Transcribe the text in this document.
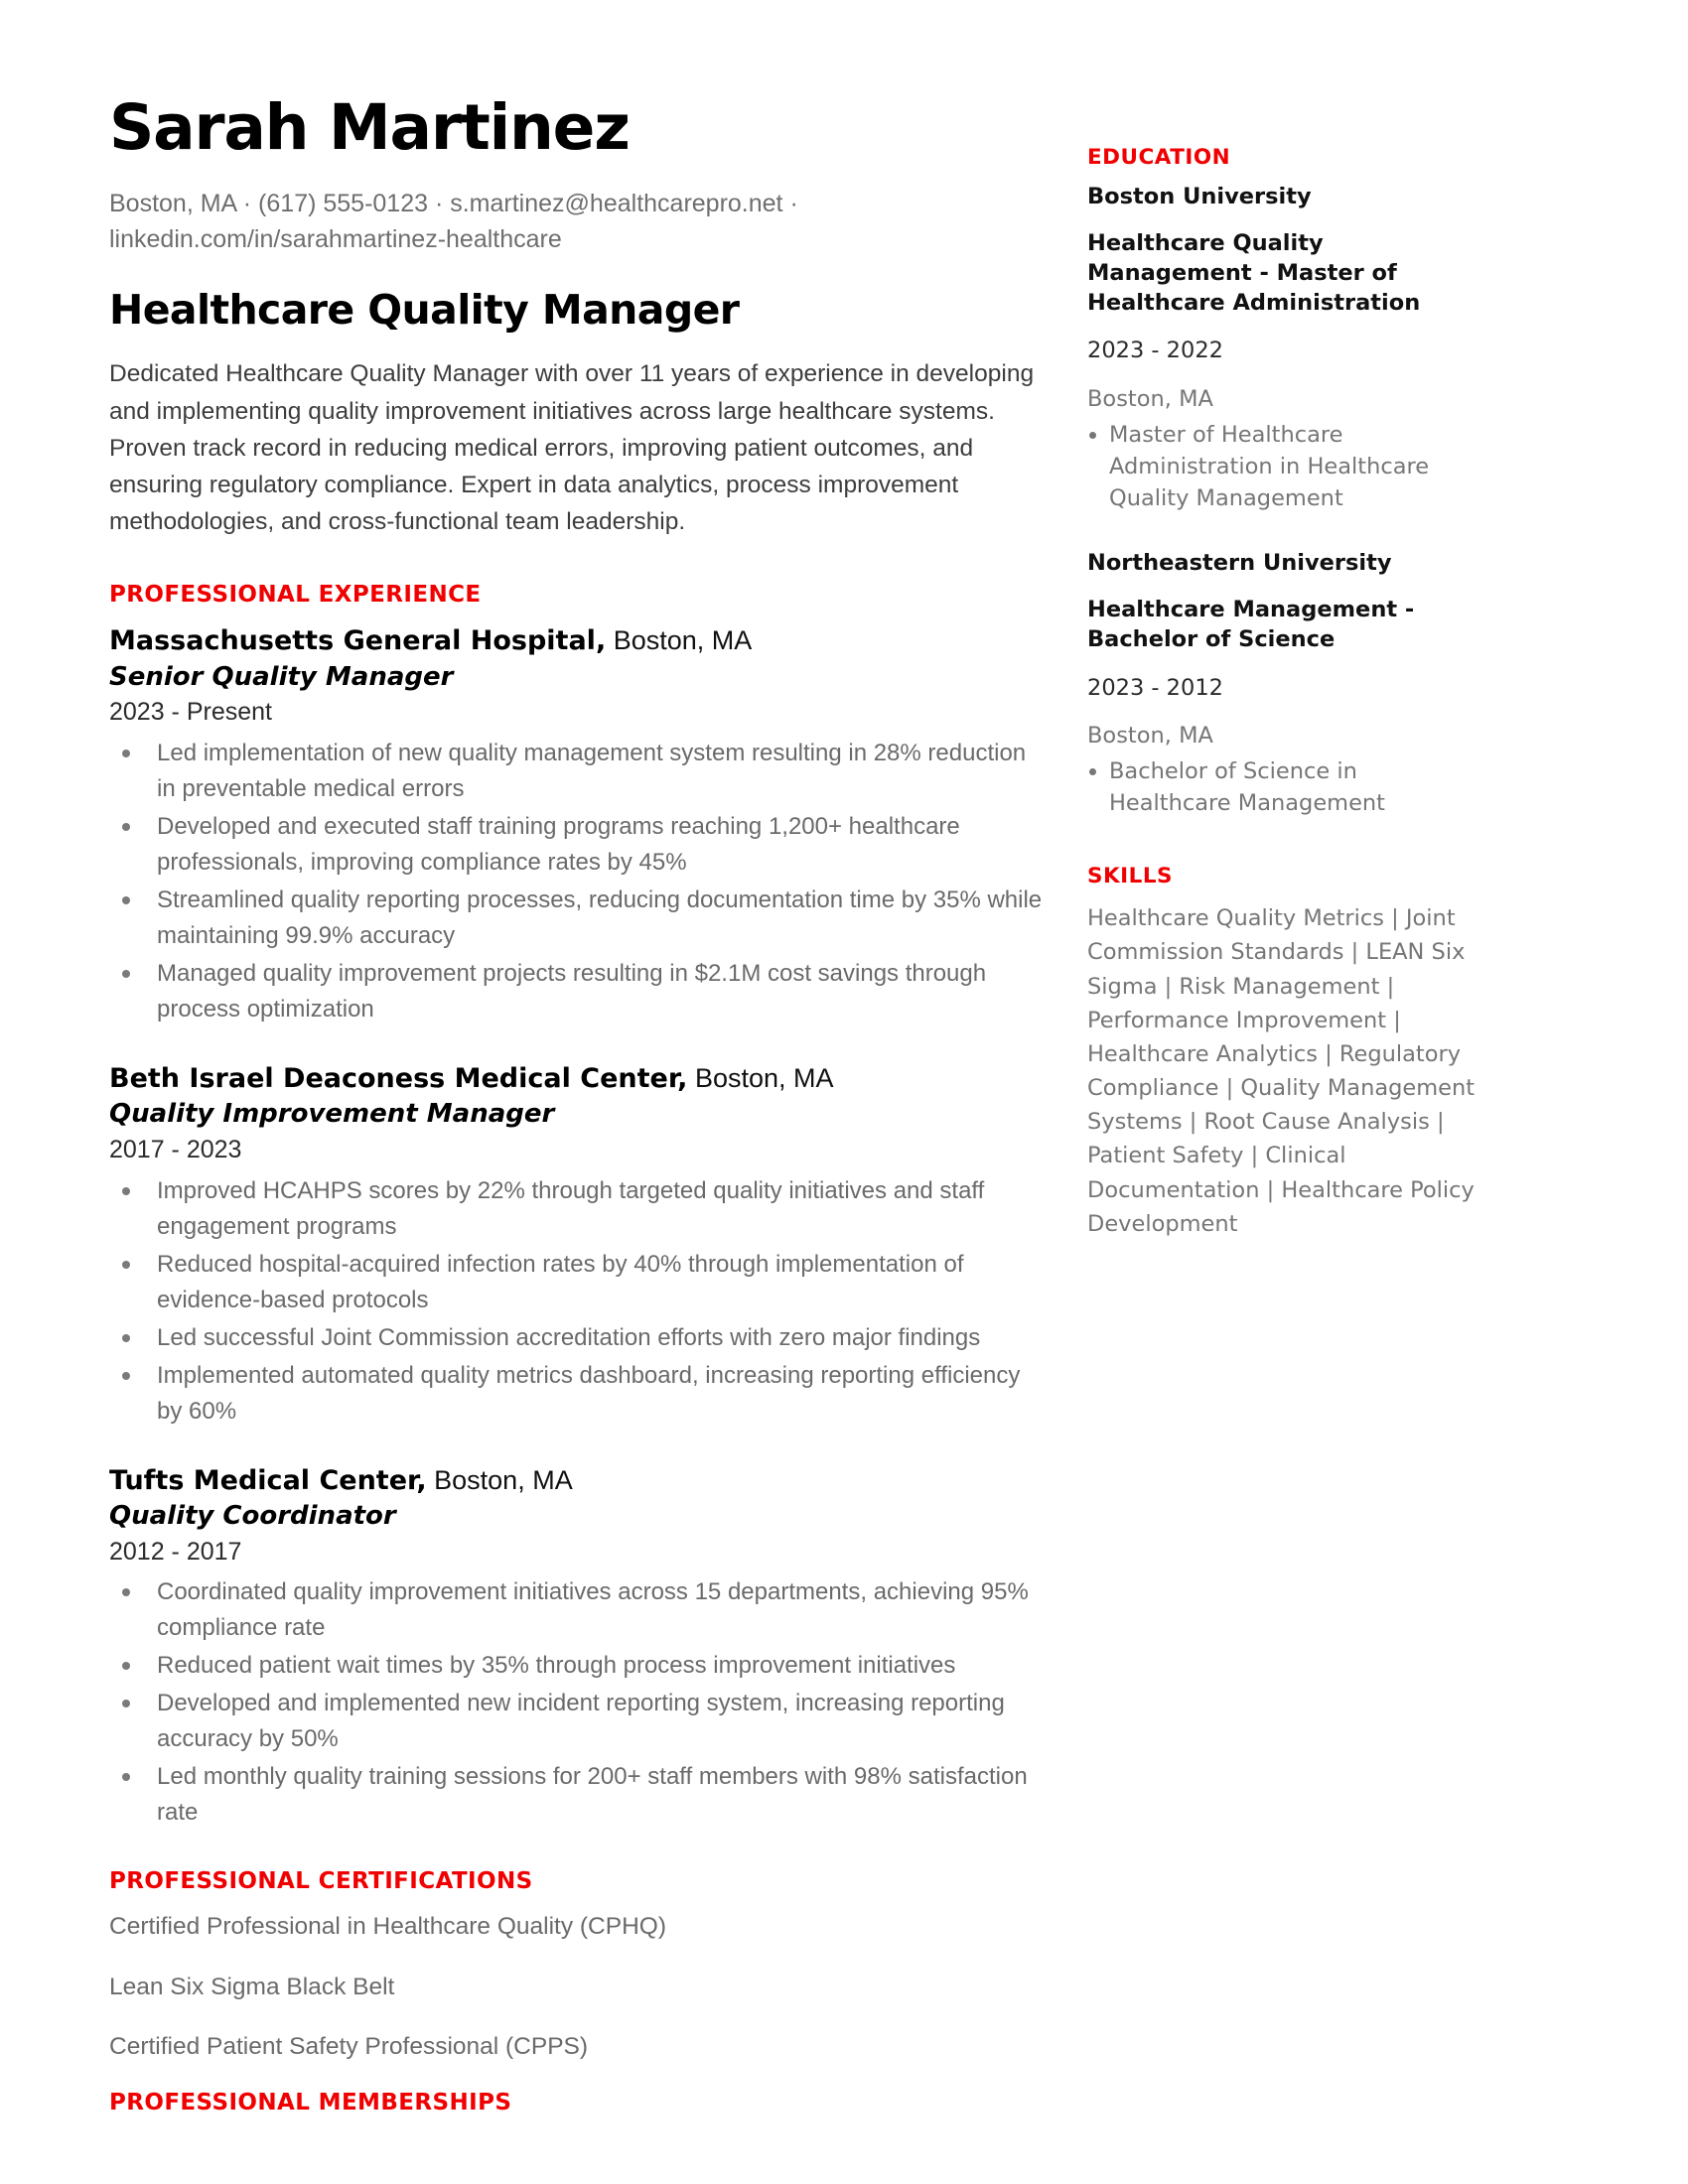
Sarah Martinez
Boston, MA · (617) 555-0123 · s.martinez@healthcarepro.net · linkedin.com/in/sarahmartinez-healthcare
Healthcare Quality Manager

Dedicated Healthcare Quality Manager with over 11 years of experience in developing and implementing quality improvement initiatives across large healthcare systems. Proven track record in reducing medical errors, improving patient outcomes, and ensuring regulatory compliance. Expert in data analytics, process improvement methodologies, and cross-functional team leadership.

PROFESSIONAL EXPERIENCE
Massachusetts General Hospital, Boston, MA
Senior Quality Manager
2023 - Present
Led implementation of new quality management system resulting in 28% reduction in preventable medical errors
Developed and executed staff training programs reaching 1,200+ healthcare professionals, improving compliance rates by 45%
Streamlined quality reporting processes, reducing documentation time by 35% while maintaining 99.9% accuracy
Managed quality improvement projects resulting in $2.1M cost savings through process optimization
Beth Israel Deaconess Medical Center, Boston, MA
Quality Improvement Manager
2017 - 2023
Improved HCAHPS scores by 22% through targeted quality initiatives and staff engagement programs
Reduced hospital-acquired infection rates by 40% through implementation of evidence-based protocols
Led successful Joint Commission accreditation efforts with zero major findings
Implemented automated quality metrics dashboard, increasing reporting efficiency by 60%
Tufts Medical Center, Boston, MA
Quality Coordinator
2012 - 2017
Coordinated quality improvement initiatives across 15 departments, achieving 95% compliance rate
Reduced patient wait times by 35% through process improvement initiatives
Developed and implemented new incident reporting system, increasing reporting accuracy by 50%
Led monthly quality training sessions for 200+ staff members with 98% satisfaction rate
PROFESSIONAL CERTIFICATIONS
Certified Professional in Healthcare Quality (CPHQ)
Lean Six Sigma Black Belt
Certified Patient Safety Professional (CPPS)
PROFESSIONAL MEMBERSHIPS
EDUCATION
Boston University
Healthcare Quality Management - Master of Healthcare Administration
2023 - 2022
Boston, MA
Master of Healthcare Administration in Healthcare Quality Management
Northeastern University
Healthcare Management - Bachelor of Science
2023 - 2012
Boston, MA
Bachelor of Science in Healthcare Management
SKILLS
Healthcare Quality Metrics | Joint Commission Standards | LEAN Six Sigma | Risk Management | Performance Improvement | Healthcare Analytics | Regulatory Compliance | Quality Management Systems | Root Cause Analysis | Patient Safety | Clinical Documentation | Healthcare Policy Development
